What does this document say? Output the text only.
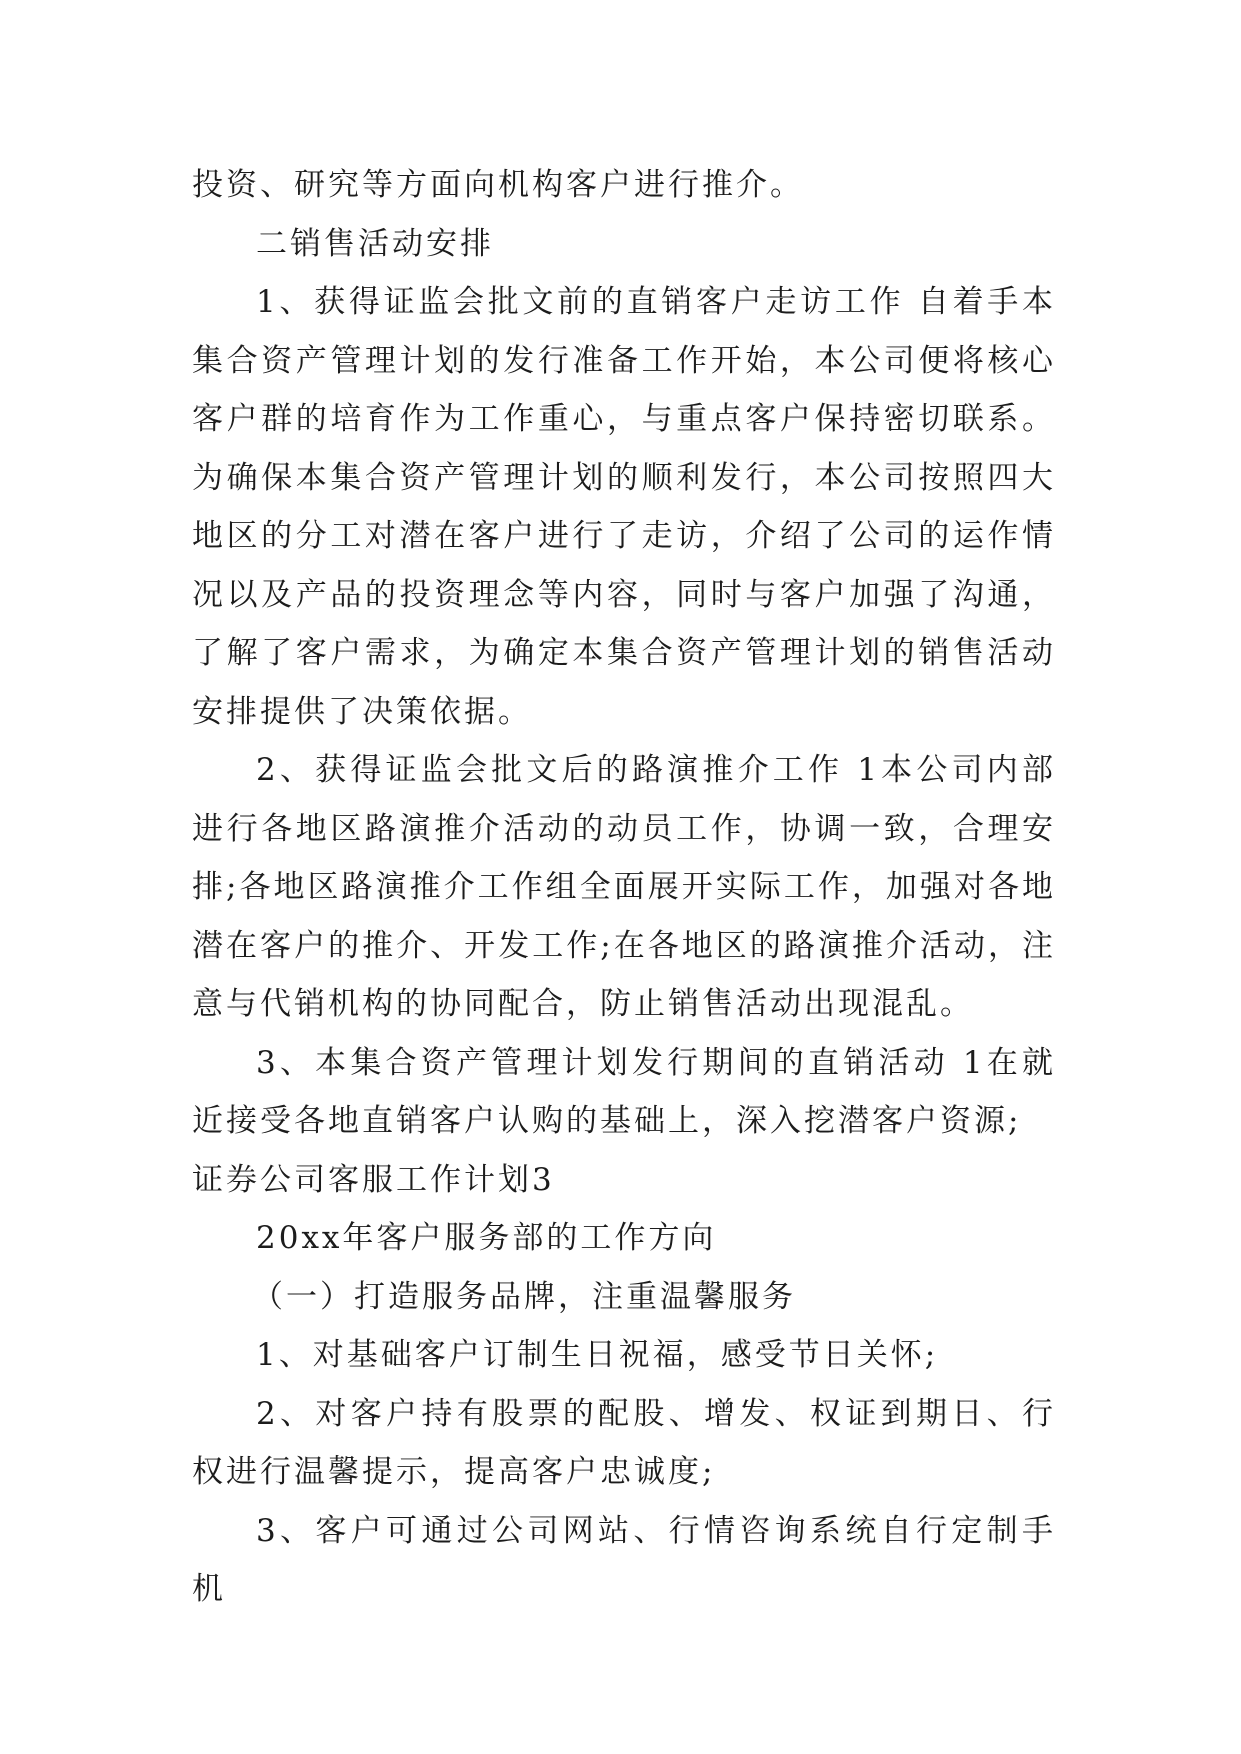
投资、研究等方面向机构客户进行推介。

二销售活动安排

1、获得证监会批文前的直销客户走访工作 自着手本集合资产管理计划的发行准备工作开始，本公司便将核心客户群的培育作为工作重心，与重点客户保持密切联系。为确保本集合资产管理计划的顺利发行，本公司按照四大地区的分工对潜在客户进行了走访，介绍了公司的运作情况以及产品的投资理念等内容，同时与客户加强了沟通，了解了客户需求，为确定本集合资产管理计划的销售活动安排提供了决策依据。

2、获得证监会批文后的路演推介工作 1本公司内部进行各地区路演推介活动的动员工作，协调一致，合理安排;各地区路演推介工作组全面展开实际工作，加强对各地潜在客户的推介、开发工作;在各地区的路演推介活动，注意与代销机构的协同配合，防止销售活动出现混乱。

3、本集合资产管理计划发行期间的直销活动 1在就近接受各地直销客户认购的基础上，深入挖潜客户资源;

证券公司客服工作计划3

20xx年客户服务部的工作方向

（一）打造服务品牌，注重温馨服务

1、对基础客户订制生日祝福，感受节日关怀;

2、对客户持有股票的配股、增发、权证到期日、行权进行温馨提示，提高客户忠诚度;

3、客户可通过公司网站、行情咨询系统自行定制手机
